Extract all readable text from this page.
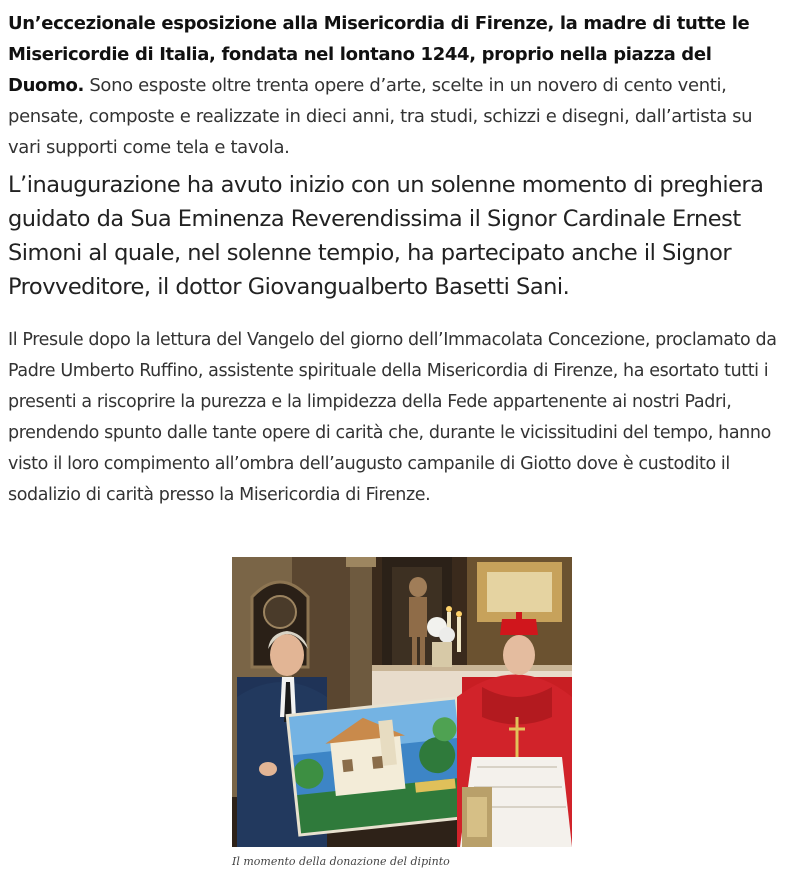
Un’eccezionale esposizione alla Misericordia di Firenze, la madre di tutte le Misericordie di Italia, fondata nel lontano 1244, proprio nella piazza del Duomo. Sono esposte oltre trenta opere d’arte, scelte in un novero di cento venti, pensate, composte e realizzate in dieci anni, tra studi, schizzi e disegni, dall’artista su vari supporti come tela e tavola.

L’inaugurazione ha avuto inizio con un solenne momento di preghiera guidato da Sua Eminenza Reverendissima il Signor Cardinale Ernest Simoni al quale, nel solenne tempio, ha partecipato anche il Signor Provveditore, il dottor Giovangualberto Basetti Sani.

Il Presule dopo la lettura del Vangelo del giorno dell’Immacolata Concezione, proclamato da Padre Umberto Ruffino, assistente spirituale della Misericordia di Firenze, ha esortato tutti i presenti a riscoprire la purezza e la limpidezza della Fede appartenente ai nostri Padri, prendendo spunto dalle tante opere di carità che, durante le vicissitudini del tempo, hanno visto il loro compimento all’ombra dell’augusto campanile di Giotto dove è custodito il sodalizio di carità presso la Misericordia di Firenze.

Il momento della donazione del dipinto
